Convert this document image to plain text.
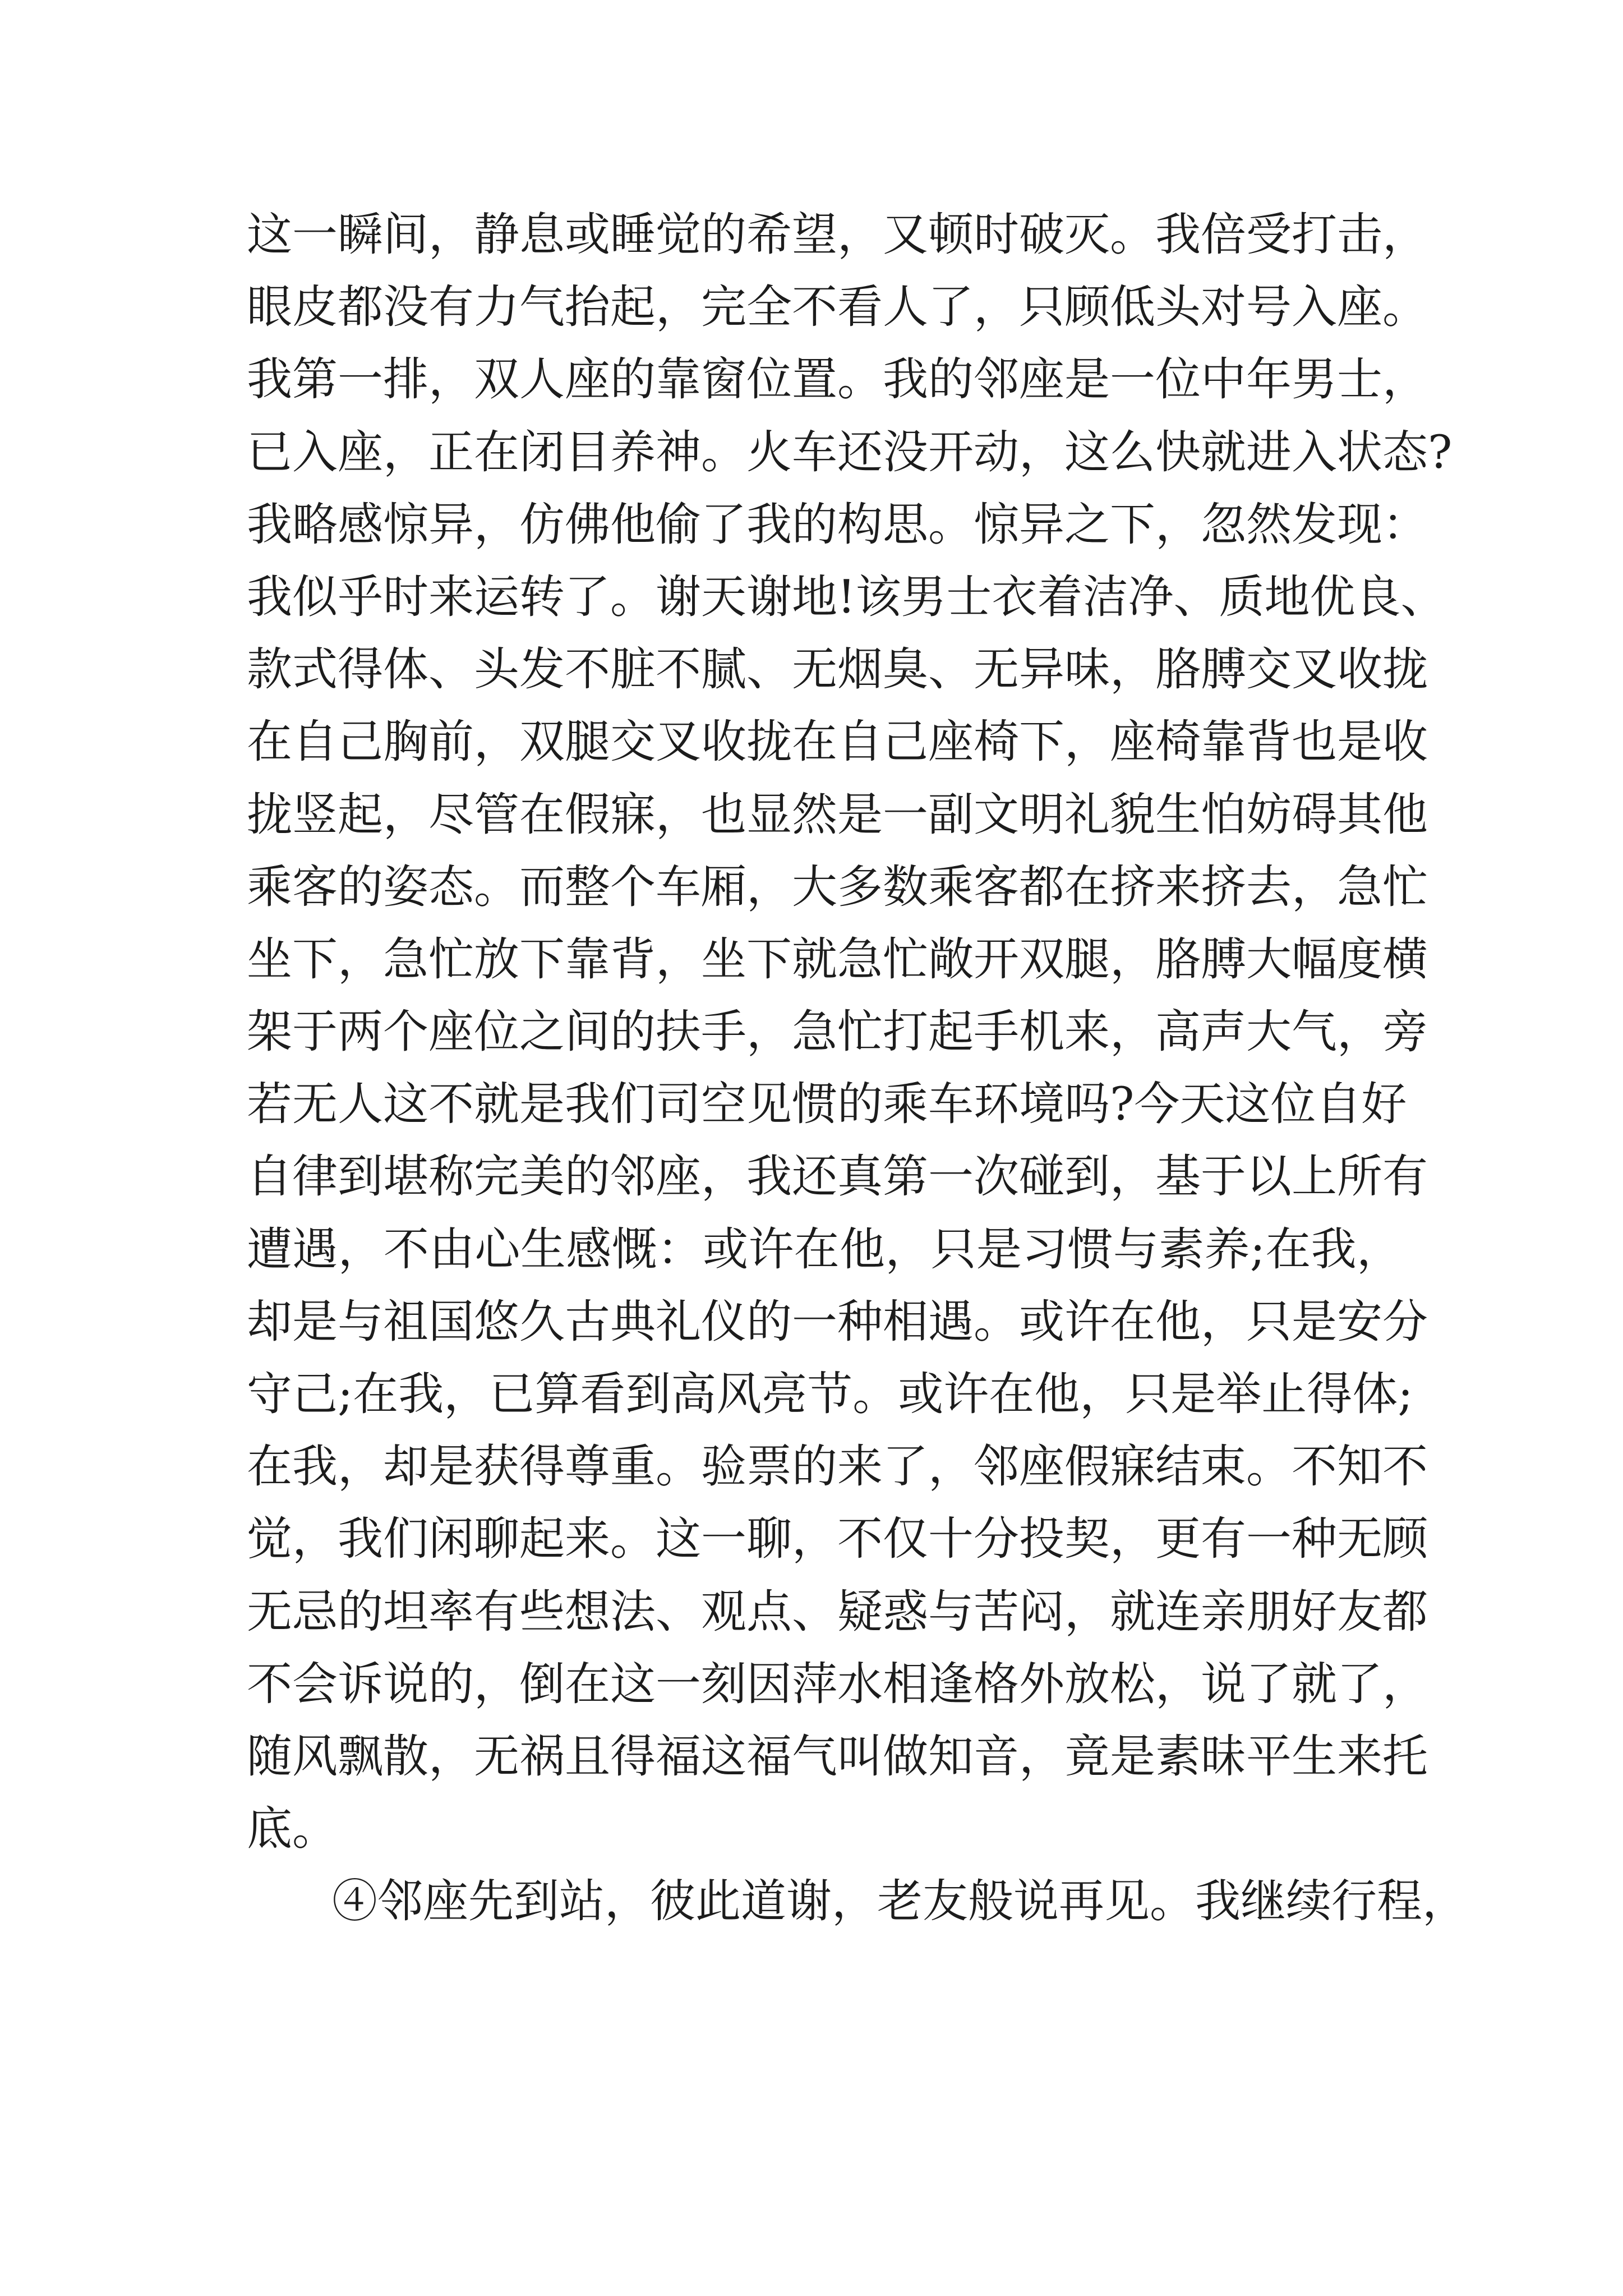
这一瞬间，静息或睡觉的希望，又顿时破灭。我倍受打击，
眼皮都没有力气抬起，完全不看人了，只顾低头对号入座。
我第一排，双人座的靠窗位置。我的邻座是一位中年男士，
已入座，正在闭目养神。火车还没开动，这么快就进入状态?
我略感惊异，仿佛他偷了我的构思。惊异之下，忽然发现：
我似乎时来运转了。谢天谢地!该男士衣着洁净、质地优良、
款式得体、头发不脏不腻、无烟臭、无异味，胳膊交叉收拢
在自己胸前，双腿交叉收拢在自己座椅下，座椅靠背也是收
拢竖起，尽管在假寐，也显然是一副文明礼貌生怕妨碍其他
乘客的姿态。而整个车厢，大多数乘客都在挤来挤去，急忙
坐下，急忙放下靠背，坐下就急忙敞开双腿，胳膊大幅度横
架于两个座位之间的扶手，急忙打起手机来，高声大气，旁
若无人这不就是我们司空见惯的乘车环境吗?今天这位自好
自律到堪称完美的邻座，我还真第一次碰到，基于以上所有
遭遇，不由心生感慨：或许在他，只是习惯与素养;在我，
却是与祖国悠久古典礼仪的一种相遇。或许在他，只是安分
守己;在我，已算看到高风亮节。或许在他，只是举止得体;
在我，却是获得尊重。验票的来了，邻座假寐结束。不知不
觉，我们闲聊起来。这一聊，不仅十分投契，更有一种无顾
无忌的坦率有些想法、观点、疑惑与苦闷，就连亲朋好友都
不会诉说的，倒在这一刻因萍水相逢格外放松，说了就了，
随风飘散，无祸且得福这福气叫做知音，竟是素昧平生来托
底。
④邻座先到站，彼此道谢，老友般说再见。我继续行程，
